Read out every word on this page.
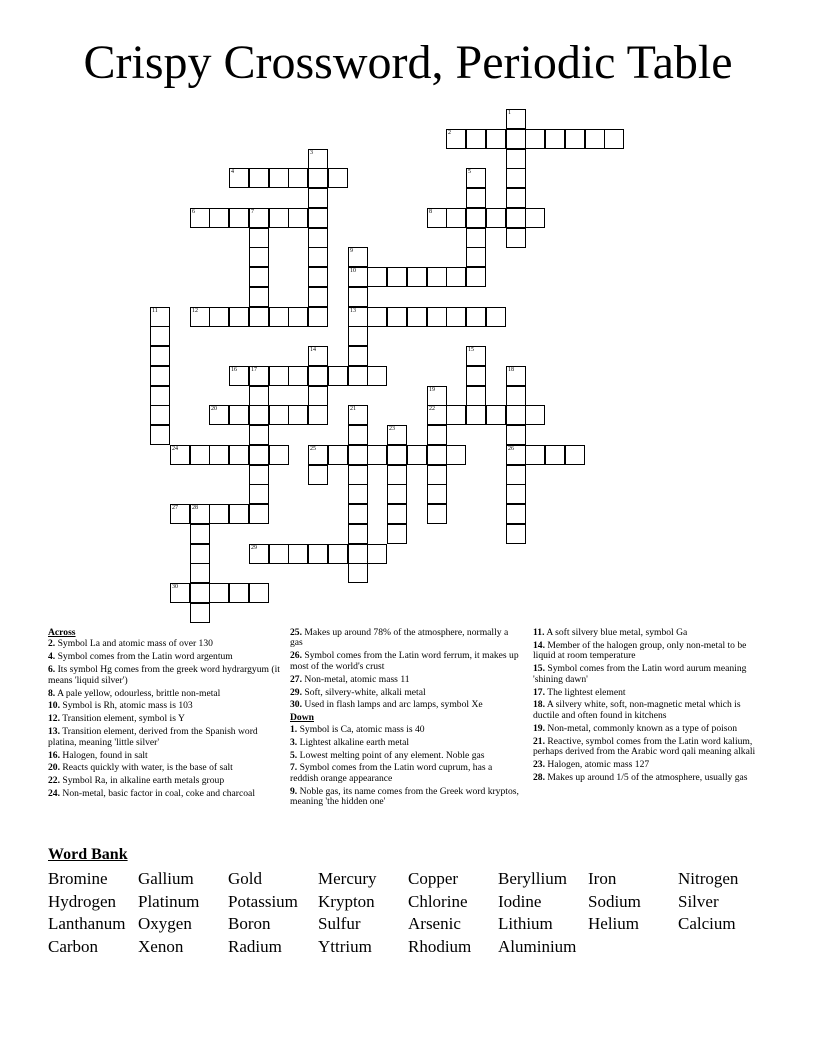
Crispy Crossword, Periodic Table
1
2
3
4	5
6	7	8
9
10
11	12	13
14	15
16 17	18
19
20	21	22
23
24	25	26
27 28
29
30
Across
2. Symbol La and atomic mass of over 130
4. Symbol comes from the Latin word argentum
6. Its symbol Hg comes from the greek word hydrargyum (it means 'liquid silver')
8. A pale yellow, odourless, brittle non-metal
10. Symbol is Rh, atomic mass is 103
12. Transition element, symbol is Y
13. Transition element, derived from the Spanish word platina, meaning 'little silver'
16. Halogen, found in salt
20. Reacts quickly with water, is the base of salt
22. Symbol Ra, in alkaline earth metals group
24. Non-metal, basic factor in coal, coke and charcoal
25. Makes up around 78% of the atmosphere, normally a gas
26. Symbol comes from the Latin word ferrum, it makes up most of the world's crust
27. Non-metal, atomic mass 11
29. Soft, silvery-white, alkali metal
30. Used in flash lamps and arc lamps, symbol Xe
Down
1. Symbol is Ca, atomic mass is 40
3. Lightest alkaline earth metal
5. Lowest melting point of any element. Noble gas
7. Symbol comes from the Latin word cuprum, has a reddish orange appearance
9. Noble gas, its name comes from the Greek word kryptos, meaning 'the hidden one'
11. A soft silvery blue metal, symbol Ga
14. Member of the halogen group, only non-metal to be liquid at room temperature
15. Symbol comes from the Latin word aurum meaning 'shining dawn'
17. The lightest element
18. A silvery white, soft, non-magnetic metal which is ductile and often found in kitchens
19. Non-metal, commonly known as a type of poison
21. Reactive, symbol comes from the Latin word kalium, perhaps derived from the Arabic word qali meaning alkali
23. Halogen, atomic mass 127
28. Makes up around 1/5 of the atmosphere, usually gas
Word Bank
Bromine Gallium Gold	Mercury Copper Beryllium Iron	Nitrogen
Hydrogen Platinum Potassium Krypton Chlorine Iodine	Sodium Silver
Lanthanum Oxygen Boron	Sulfur	Arsenic Lithium Helium Calcium
Carbon Xenon	Radium Yttrium Rhodium Aluminium
